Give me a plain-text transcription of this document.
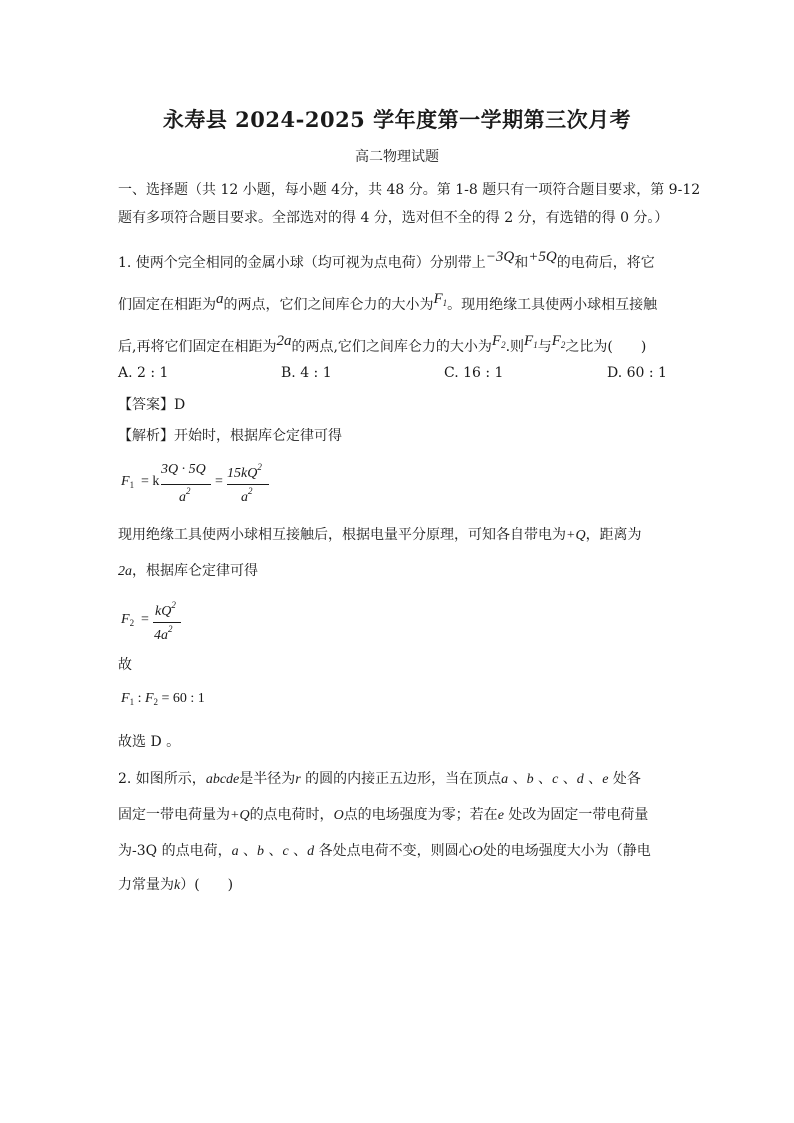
永寿县 2024-2025 学年度第一学期第三次月考
高二物理试题
一、选择题（共 12 小题，每小题 4分，共 48 分。第 1-8 题只有一项符合题目要求，第 9-12
题有多项符合题目要求。全部选对的得 4 分，选对但不全的得 2 分，有选错的得 0 分。）
1. 使两个完全相同的金属小球（均可视为点电荷）分别带上−3Q和+5Q的电荷后，将它
们固定在相距为a的两点，它们之间库仑力的大小为$F_1$。现用绝缘工具使两小球相互接触
后,再将它们固定在相距为2a的两点,它们之间库仑力的大小为$F_2$.则$F_1$与$F_2$之比为(　　)
A. 2 : 1	B. 4 : 1	C. 16 : 1	D. 60 : 1
【答案】D
【解析】开始时，根据库仑定律可得
$F_1 = k$
3Q · 5Q
$a^2$
=
$15kQ^2$
$a^2$
现用绝缘工具使两小球相互接触后，根据电量平分原理，可知各自带电为+Q，距离为
2a，根据库仑定律可得
$F_2$ =
$kQ^2$
$4a^2$
故
$F_1$ : $F_2 = 60$ : 1
故选 D 。
2. 如图所示，abcde是半径为r 的圆的内接正五边形，当在顶点a 、b 、c 、d 、e 处各
固定一带电荷量为+Q的点电荷时，O点的电场强度为零；若在e 处改为固定一带电荷量
为-3Q 的点电荷，a 、b 、c 、d 各处点电荷不变，则圆心O处的电场强度大小为（静电
力常量为k）(　　)
